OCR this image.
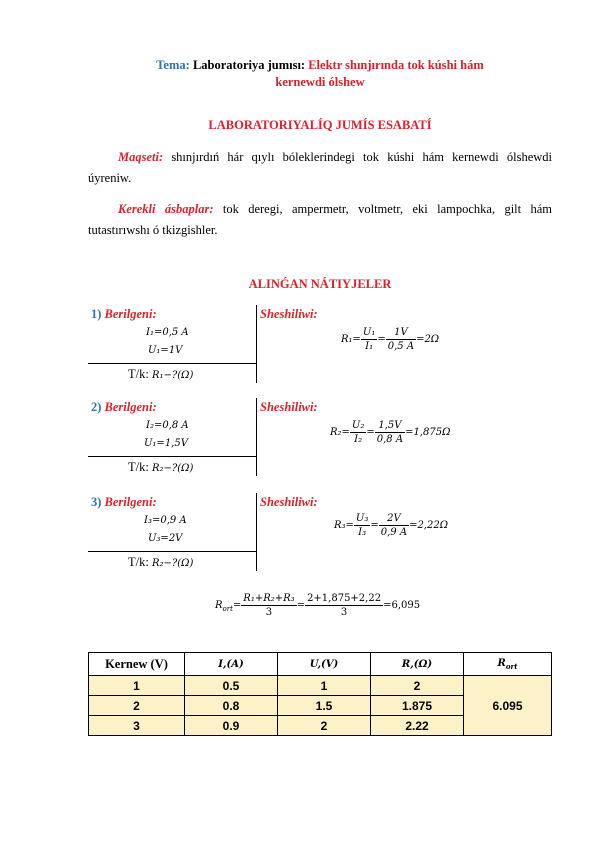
Tema: Laboratoriya jumısı: Elektr shınjırında tok kúshi hám
kernewdi ólshew
LABORATORIYALÍQ JUMÍS ESABATÍ
Maqseti: shınjırdıń hár qıylı bóleklerindegi tok kúshi hám kernewdi ólshewdi úyreniw.
Kerekli ásbaplar: tok deregi, ampermetr, voltmetr, eki lampochka, gilt hám tutastırıwshı ó tkizgishler.
ALINǴAN NÁTIYJELER
1) Berilgeni:
I₁=0,5 A
U₁=1V
T/k: R₁−?(Ω)
Sheshiliwi:
$R_1= \frac{\text{U₁}}{\text{I₁}} = \frac{1V}{0,5 A} =2\Omega$
2) Berilgeni:
I₂=0,8 A
U₁=1,5V
T/k: R₂−?(Ω)
Sheshiliwi:
$R_2= \frac{\text{U₂}}{\text{I₂}} = \frac{1,5V}{0,8 A} =1,875\Omega$
3) Berilgeni:
I₃=0,9 A
U₃=2V
T/k: R₂−?(Ω)
Sheshiliwi:
$R_3= \frac{\text{U₃}}{\text{I₃}} = \frac{2V}{0,9 A} =2,22\Omega$
$R_{ort}= \frac{\text{R₁+R₂+R₃}}{3} = \frac{2+1,875+2,22}{3} =6,095$
Kernew (V)	I,(A)	U,(V)	R,(Ω)	$R_{ort}$
1	0.5	1	2	6.095
2	0.8	1.5	1.875	
3	0.9	2	2.22	
